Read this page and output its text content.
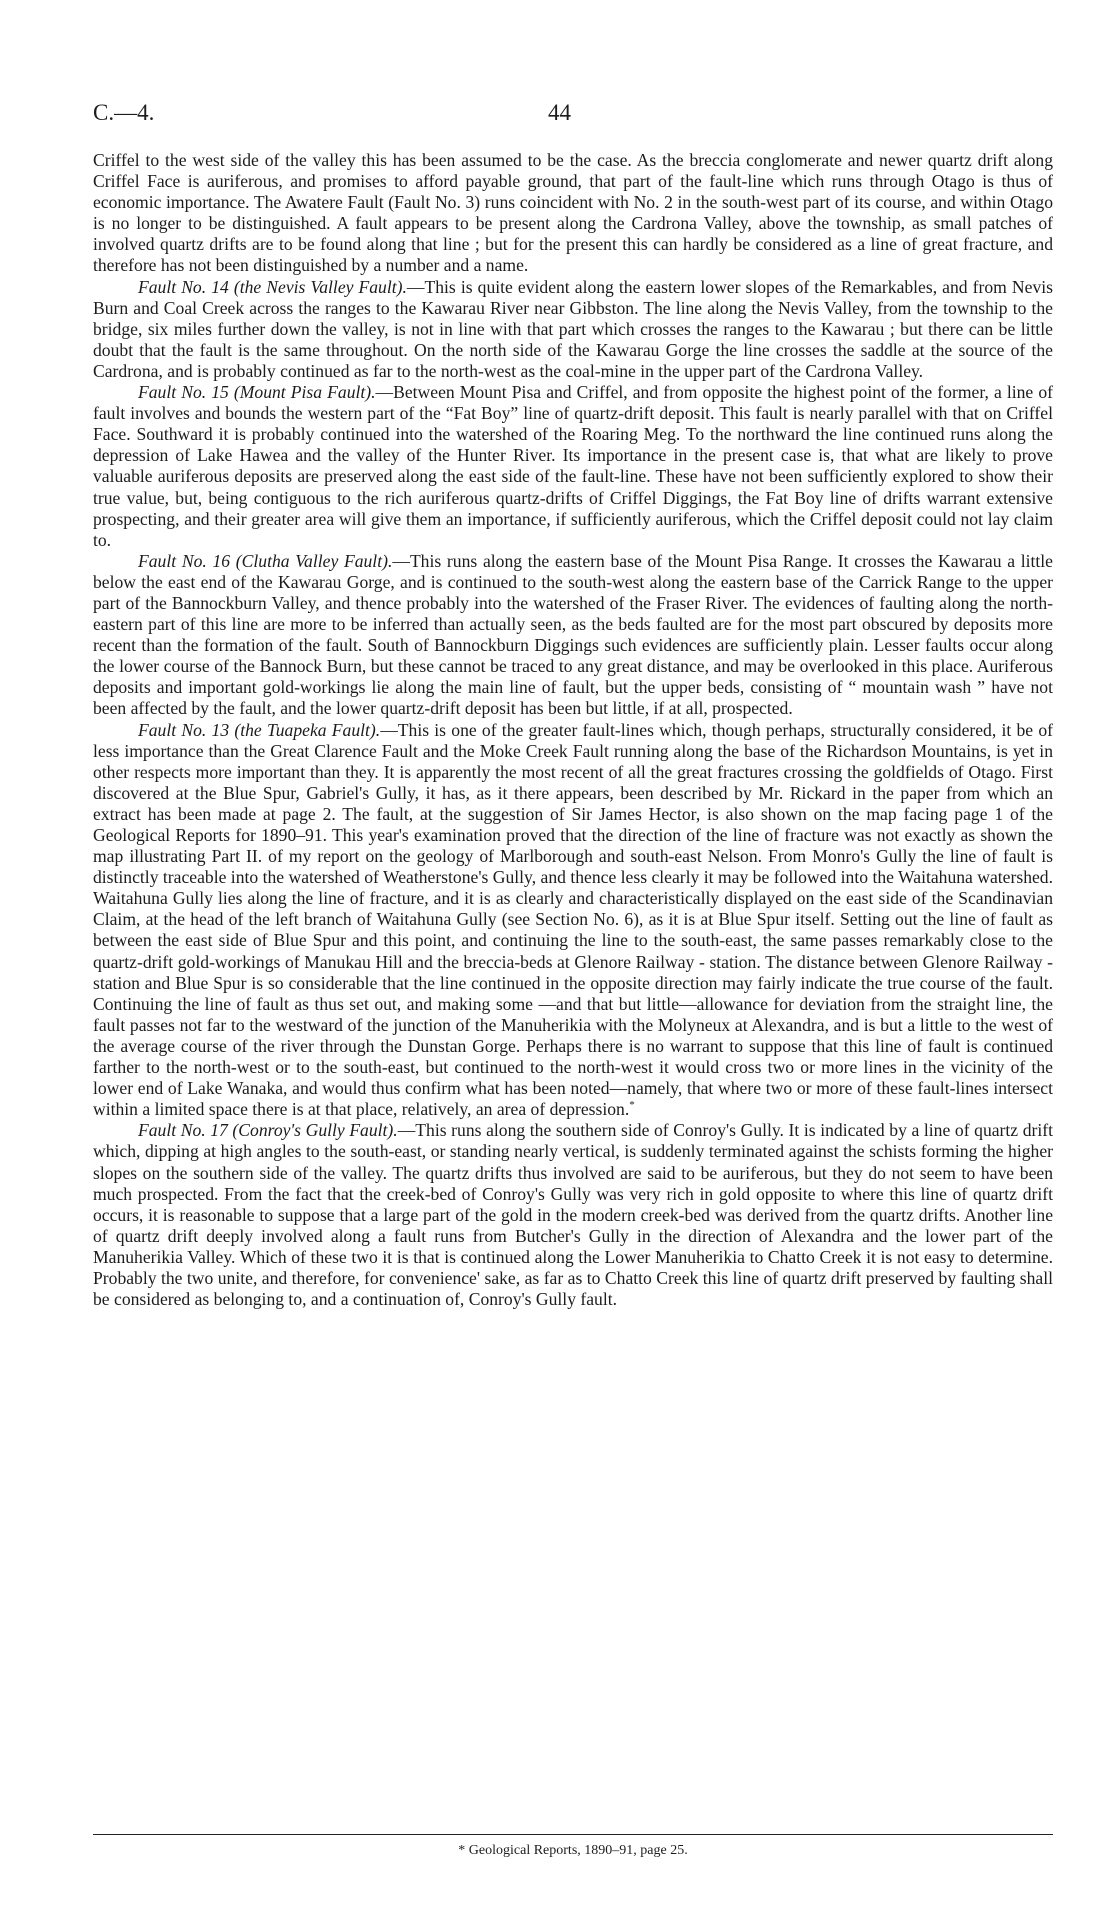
C.—4.	44

Criffel to the west side of the valley this has been assumed to be the case. As the breccia conglomerate and newer quartz drift along Criffel Face is auriferous, and promises to afford payable ground, that part of the fault-line which runs through Otago is thus of economic importance. The Awatere Fault (Fault No. 3) runs coincident with No. 2 in the south-west part of its course, and within Otago is no longer to be distinguished. A fault appears to be present along the Cardrona Valley, above the township, as small patches of involved quartz drifts are to be found along that line ; but for the present this can hardly be considered as a line of great fracture, and therefore has not been distinguished by a number and a name.

Fault No. 14 (the Nevis Valley Fault).—This is quite evident along the eastern lower slopes of the Remarkables, and from Nevis Burn and Coal Creek across the ranges to the Kawarau River near Gibbston. The line along the Nevis Valley, from the township to the bridge, six miles further down the valley, is not in line with that part which crosses the ranges to the Kawarau ; but there can be little doubt that the fault is the same throughout. On the north side of the Kawarau Gorge the line crosses the saddle at the source of the Cardrona, and is probably continued as far to the north-west as the coal-mine in the upper part of the Cardrona Valley.

Fault No. 15 (Mount Pisa Fault).—Between Mount Pisa and Criffel, and from opposite the highest point of the former, a line of fault involves and bounds the western part of the “Fat Boy” line of quartz-drift deposit. This fault is nearly parallel with that on Criffel Face. Southward it is probably continued into the watershed of the Roaring Meg. To the northward the line continued runs along the depression of Lake Hawea and the valley of the Hunter River. Its importance in the present case is, that what are likely to prove valuable auriferous deposits are preserved along the east side of the fault-line. These have not been sufficiently explored to show their true value, but, being contiguous to the rich auriferous quartz-drifts of Criffel Diggings, the Fat Boy line of drifts warrant extensive prospecting, and their greater area will give them an importance, if sufficiently auriferous, which the Criffel deposit could not lay claim to.

Fault No. 16 (Clutha Valley Fault).—This runs along the eastern base of the Mount Pisa Range. It crosses the Kawarau a little below the east end of the Kawarau Gorge, and is continued to the south-west along the eastern base of the Carrick Range to the upper part of the Bannockburn Valley, and thence probably into the watershed of the Fraser River. The evidences of faulting along the north-eastern part of this line are more to be inferred than actually seen, as the beds faulted are for the most part obscured by deposits more recent than the formation of the fault. South of Bannockburn Diggings such evidences are sufficiently plain. Lesser faults occur along the lower course of the Bannock Burn, but these cannot be traced to any great distance, and may be overlooked in this place. Auriferous deposits and important gold-workings lie along the main line of fault, but the upper beds, consisting of “ mountain wash ” have not been affected by the fault, and the lower quartz-drift deposit has been but little, if at all, prospected.

Fault No. 13 (the Tuapeka Fault).—This is one of the greater fault-lines which, though perhaps, structurally considered, it be of less importance than the Great Clarence Fault and the Moke Creek Fault running along the base of the Richardson Mountains, is yet in other respects more important than they. It is apparently the most recent of all the great fractures crossing the goldfields of Otago. First discovered at the Blue Spur, Gabriel's Gully, it has, as it there appears, been described by Mr. Rickard in the paper from which an extract has been made at page 2. The fault, at the suggestion of Sir James Hector, is also shown on the map facing page 1 of the Geological Reports for 1890–91. This year's examination proved that the direction of the line of fracture was not exactly as shown the map illustrating Part II. of my report on the geology of Marlborough and south-east Nelson. From Monro's Gully the line of fault is distinctly traceable into the watershed of Weatherstone's Gully, and thence less clearly it may be followed into the Waitahuna watershed. Waitahuna Gully lies along the line of fracture, and it is as clearly and characteristically displayed on the east side of the Scandinavian Claim, at the head of the left branch of Waitahuna Gully (see Section No. 6), as it is at Blue Spur itself. Setting out the line of fault as between the east side of Blue Spur and this point, and continuing the line to the south-east, the same passes remarkably close to the quartz-drift gold-workings of Manukau Hill and the breccia-beds at Glenore Railway - station. The distance between Glenore Railway - station and Blue Spur is so considerable that the line continued in the opposite direction may fairly indicate the true course of the fault. Continuing the line of fault as thus set out, and making some —and that but little—allowance for deviation from the straight line, the fault passes not far to the westward of the junction of the Manuherikia with the Molyneux at Alexandra, and is but a little to the west of the average course of the river through the Dunstan Gorge. Perhaps there is no warrant to suppose that this line of fault is continued farther to the north-west or to the south-east, but continued to the north-west it would cross two or more lines in the vicinity of the lower end of Lake Wanaka, and would thus confirm what has been noted—namely, that where two or more of these fault-lines intersect within a limited space there is at that place, relatively, an area of depression.*

Fault No. 17 (Conroy's Gully Fault).—This runs along the southern side of Conroy's Gully. It is indicated by a line of quartz drift which, dipping at high angles to the south-east, or standing nearly vertical, is suddenly terminated against the schists forming the higher slopes on the southern side of the valley. The quartz drifts thus involved are said to be auriferous, but they do not seem to have been much prospected. From the fact that the creek-bed of Conroy's Gully was very rich in gold opposite to where this line of quartz drift occurs, it is reasonable to suppose that a large part of the gold in the modern creek-bed was derived from the quartz drifts. Another line of quartz drift deeply involved along a fault runs from Butcher's Gully in the direction of Alexandra and the lower part of the Manuherikia Valley. Which of these two it is that is continued along the Lower Manuherikia to Chatto Creek it is not easy to determine. Probably the two unite, and therefore, for convenience' sake, as far as to Chatto Creek this line of quartz drift preserved by faulting shall be considered as belonging to, and a continuation of, Conroy's Gully fault.

* Geological Reports, 1890–91, page 25.
